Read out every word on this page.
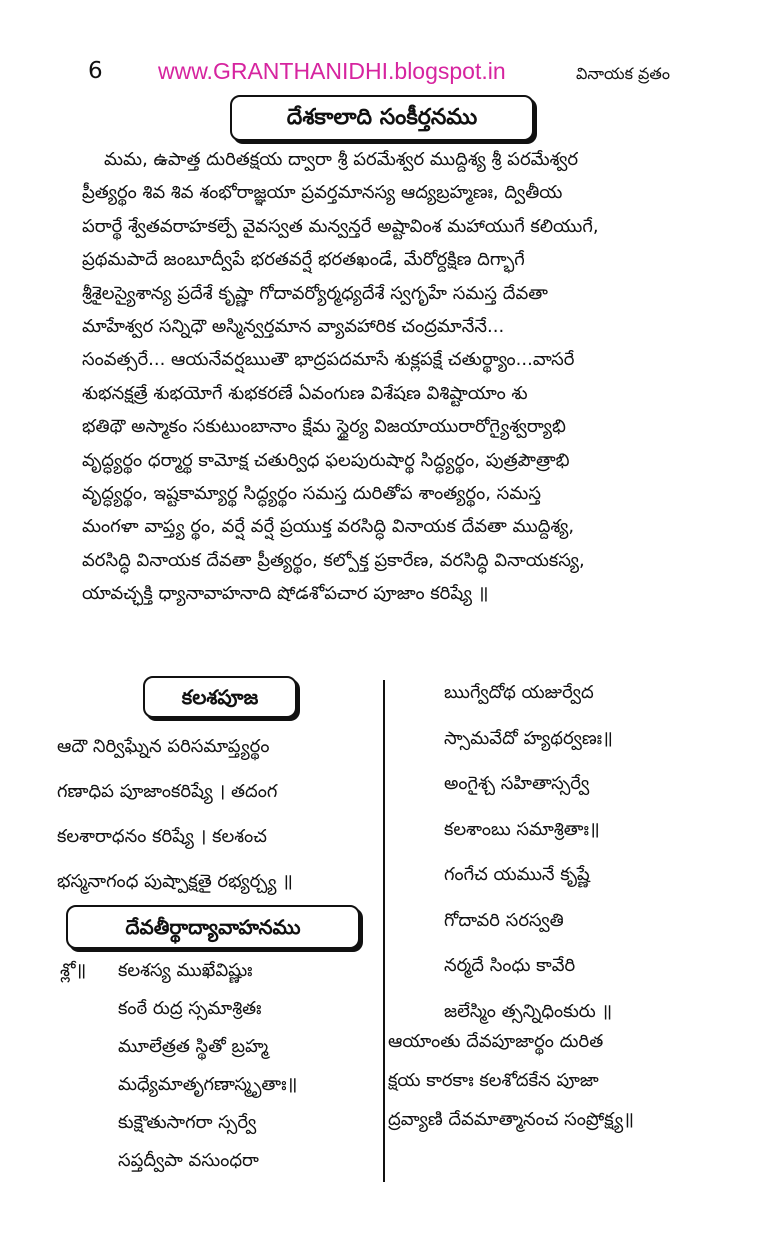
6 www.GRANTHANIDHI.blogspot.in	వినాయక వ్రతం
దేశకాలాది సంకీర్తనము
మమ, ఉపాత్త దురితక్షయ ద్వారా శ్రీ పరమేశ్వర ముద్దిశ్య శ్రీ పరమేశ్వర
ప్రీత్యర్థం శివ శివ శంభోరాజ్ఞయా ప్రవర్తమానస్య ఆద్యబ్రహ్మణః, ద్వితీయ
పరార్థే శ్వేతవరాహకల్పే వైవస్వత మన్వన్తరే అష్టావింశ మహాయుగే కలియుగే,
ప్రథమపాదే జంబూద్వీపే భరతవర్షే భరతఖండే, మేరోర్దక్షిణ దిగ్భాగే
శ్రీశైలస్యైశాన్య ప్రదేశే కృష్ణా గోదావర్యోర్మధ్యదేశే స్వగృహే సమస్త దేవతా
మాహేశ్వర సన్నిధౌ అస్మిన్వర్తమాన వ్యావహారిక చంద్రమానేనే...
సంవత్సరే... ఆయనేవర్షఋతౌ భాద్రపదమాసే శుక్లపక్షే చతుర్థ్యాం...వాసరే
శుభనక్షత్రే శుభయోగే శుభకరణే ఏవంగుణ విశేషణ విశిష్టాయాం శు
భతిథౌ అస్మాకం సకుటుంబానాం క్షేమ స్థైర్య విజయాయురారోగ్యైశ్వర్యాభి
వృద్ధ్యర్థం ధర్మార్థ కామోక్ష చతుర్విధ ఫలపురుషార్థ సిద్ధ్యర్థం, పుత్రపౌత్రాభి
వృద్ధ్యర్థం, ఇష్టకామ్యార్థ సిద్ధ్యర్థం సమస్త దురితోప శాంత్యర్థం, సమస్త
మంగళా వాప్త్య ర్థం, వర్షే వర్షే ప్రయుక్త వరసిద్ధి వినాయక దేవతా ముద్దిశ్య,
వరసిద్ధి వినాయక దేవతా ప్రీత్యర్థం, కల్పోక్త ప్రకారేణ, వరసిద్ధి వినాయకస్య,
యావచ్ఛక్తి ధ్యానావాహనాది షోడశోపచార పూజాం కరిష్యే ॥
కలశపూజ
ఆదౌ నిర్విఘ్నేన పరిసమాప్త్యర్థం
గణాధిప పూజాంకరిష్యే । తదంగ
కలశారాధనం కరిష్యే । కలశంచ
భస్మనాగంధ పుష్పాక్షతై రభ్యర్చ్య ॥
దేవతీర్థాద్యావాహనము
శ్లో॥	కలశస్య ముఖేవిష్ణుః
కంఠే రుద్ర స్సమాశ్రితః
మూలేత్రత స్థితో బ్రహ్మ
మధ్యేమాతృగణాస్మృతాః॥
కుక్షౌతుసాగరా స్సర్వే
సప్తద్వీపా వసుంధరా
ఋగ్వేదోథ యజుర్వేద
స్సామవేదో హ్యథర్వణః॥
అంగైశ్చ సహితాస్సర్వే
కలశాంబు సమాశ్రితాః॥
గంగేచ యమునే కృష్ణే
గోదావరి సరస్వతి
నర్మదే సింధు కావేరి
జలేస్మిం త్సన్నిధింకురు ॥
ఆయాంతు దేవపూజార్థం దురిత
క్షయ కారకాః కలశోదకేన పూజా
ద్రవ్యాణి దేవమాత్మానంచ సంప్రోక్ష్య॥
